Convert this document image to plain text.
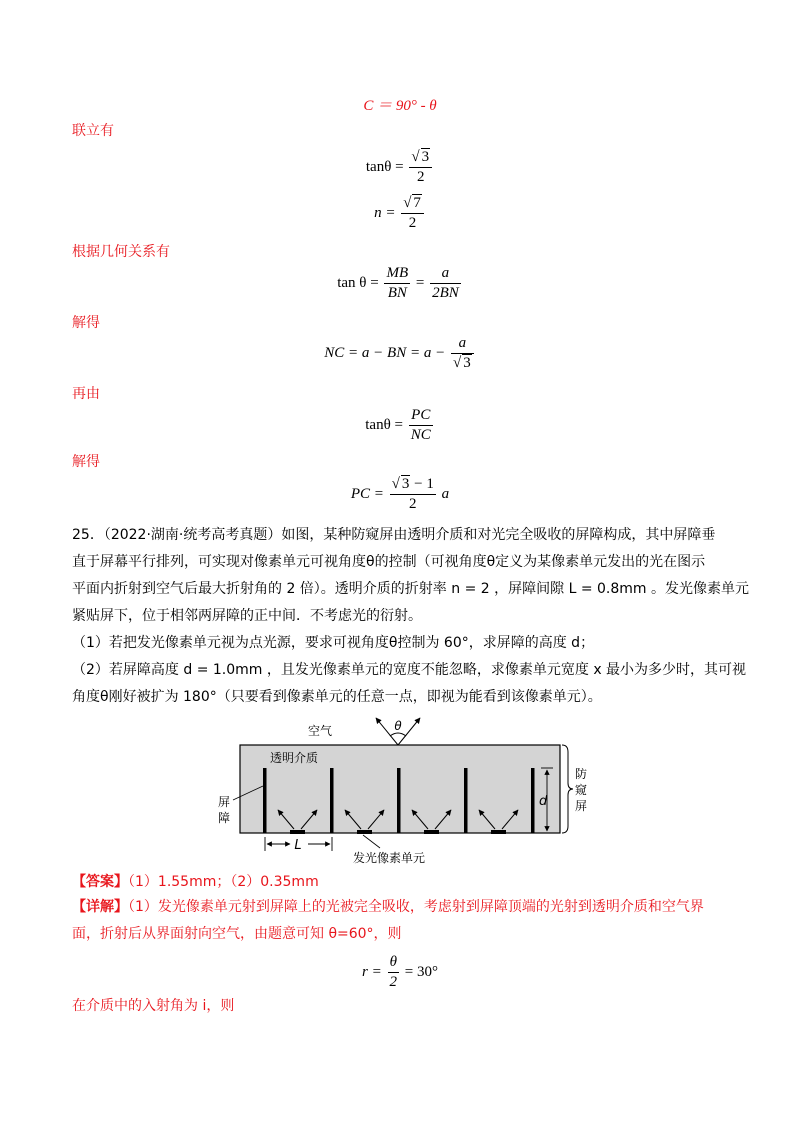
C ＝ 90° - θ
联立有
$\tan\theta = \frac{√ 3}{2}$
$n = \frac{√ 7}{2}$
根据几何关系有
$\tan \theta = \frac{MB}{BN} = \frac{a}{2BN}$
解得
NC = a − BN = $a - \frac{a}{√ 3}$
再由
$\tan\theta = \frac{PC}{NC}$
解得
PC = $\frac{√ 3 - 1}{2}$ a
25．（2022·湖南·统考高考真题）如图，某种防窥屏由透明介质和对光完全吸收的屏障构成，其中屏障垂
直于屏幕平行排列，可实现对像素单元可视角度θ的控制（可视角度θ定义为某像素单元发出的光在图示
平面内折射到空气后最大折射角的 2 倍）。透明介质的折射率 n = 2 ，屏障间隙 L = 0.8mm 。发光像素单元
紧贴屏下，位于相邻两屏障的正中间．不考虑光的衍射。
（1）若把发光像素单元视为点光源，要求可视角度θ控制为 60°，求屏障的高度 d；
（2）若屏障高度 d = 1.0mm ，且发光像素单元的宽度不能忽略，求像素单元宽度 x 最小为多少时，其可视
角度θ刚好被扩为 180°（只要看到像素单元的任意一点，即视为能看到该像素单元）。
θ
空气
透明介质
屏
障
d
防
窥
屏
L
发光像素单元
【答案】（1）1.55mm；（2）0.35mm
【详解】（1）发光像素单元射到屏障上的光被完全吸收，考虑射到屏障顶端的光射到透明介质和空气界
面，折射后从界面射向空气，由题意可知 θ=60°，则
$r = \frac{\theta}{2} = 30^\circ$
在介质中的入射角为 i，则
